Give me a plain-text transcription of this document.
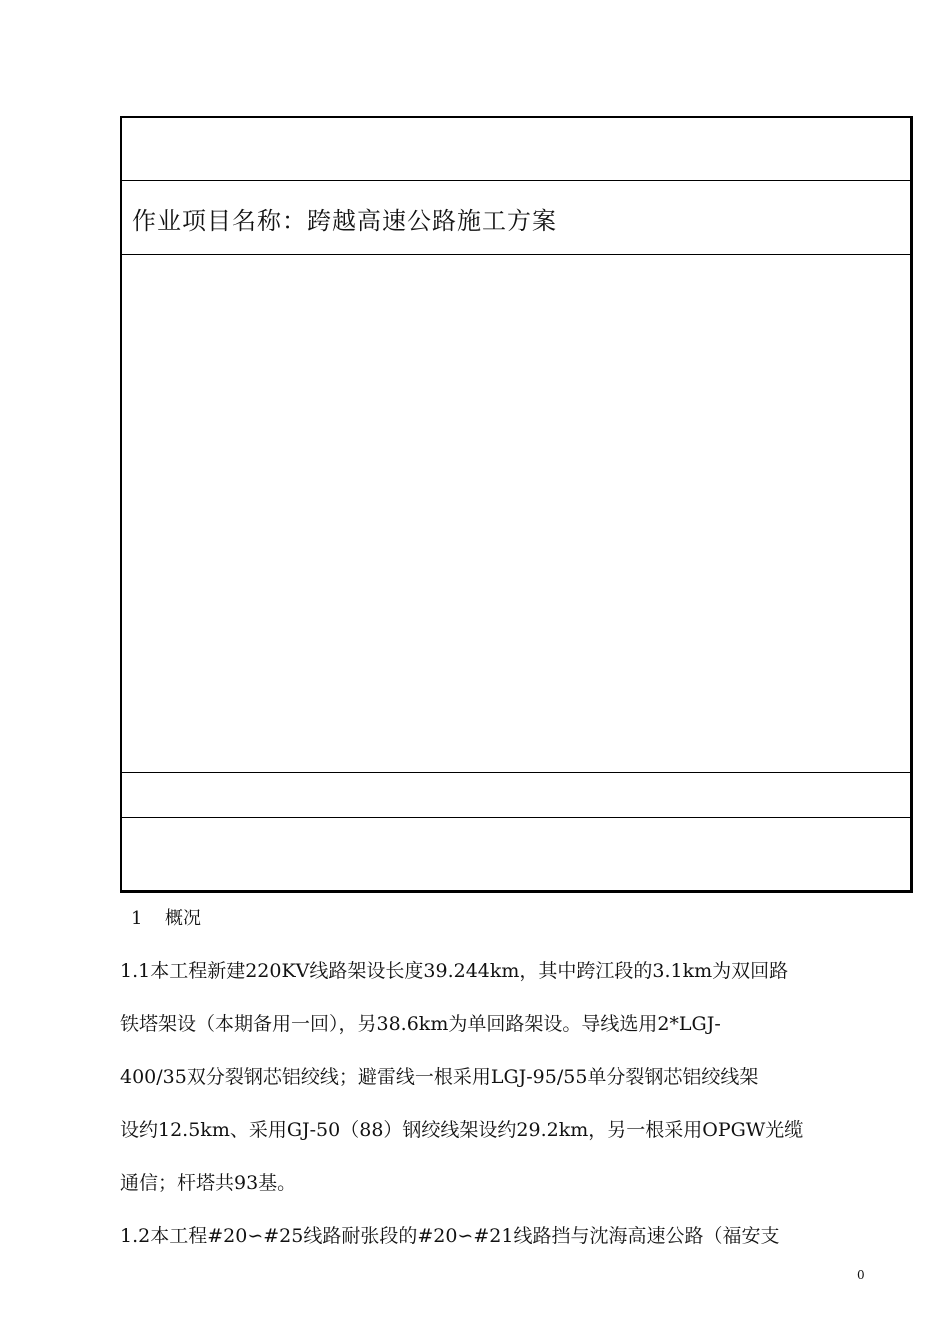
作业项目名称：跨越高速公路施工方案
1 概况
1.1本工程新建220KV线路架设长度39.244km，其中跨江段的3.1km为双回路
铁塔架设（本期备用一回），另38.6km为单回路架设。导线选用2*LGJ-
400/35双分裂钢芯铝绞线；避雷线一根采用LGJ-95/55单分裂钢芯铝绞线架
设约12.5km、采用GJ-50（88）钢绞线架设约29.2km，另一根采用OPGW光缆
通信；杆塔共93基。
1.2本工程#20∽#25线路耐张段的#20∽#21线路挡与沈海高速公路（福安支
0
